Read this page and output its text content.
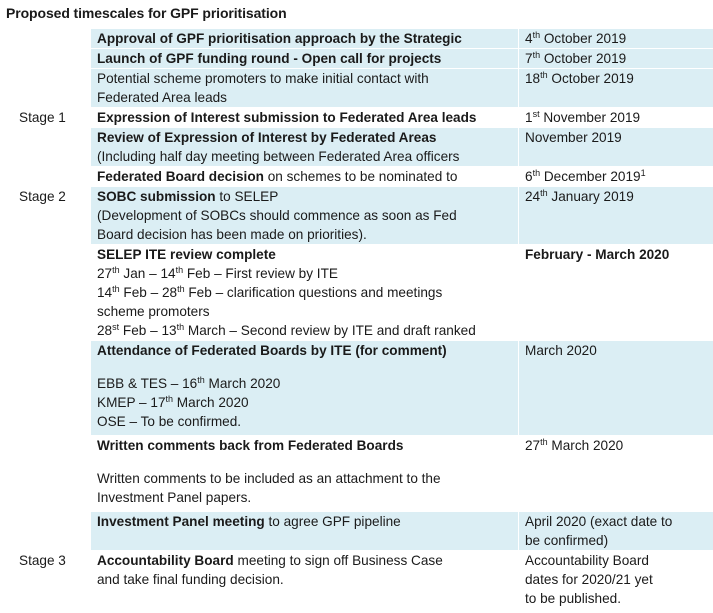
Proposed timescales for GPF prioritisation

	Approval of GPF prioritisation approach by the Strategic	4th October 2019

	Launch of GPF funding round - Open call for projects	7th October 2019

	Potential scheme promoters to make initial contact with
Federated Area leads	18th October 2019

Stage 1	Expression of Interest submission to Federated Area leads	1st November 2019

	Review of Expression of Interest by Federated Areas
(Including half day meeting between Federated Area officers	November 2019

	Federated Board decision on schemes to be nominated to	6th December 2019$^1$

Stage 2	SOBC submission to SELEP
(Development of SOBCs should commence as soon as Fed
Board decision has been made on priorities).	24th January 2019

	SELEP ITE review complete
27th Jan – 14th Feb – First review by ITE
14th Feb – 28th Feb – clarification questions and meetings
scheme promoters
28st Feb – 13th March – Second review by ITE and draft ranked	February - March 2020

	Attendance of Federated Boards by ITE (for comment)
EBB & TES – 16th March 2020
KMEP – 17th March 2020
OSE – To be confirmed.	March 2020

	Written comments back from Federated Boards
Written comments to be included as an attachment to the
Investment Panel papers.	27th March 2020

	Investment Panel meeting to agree GPF pipeline	April 2020 (exact date to
be confirmed)

Stage 3	Accountability Board meeting to sign off Business Case
and take final funding decision.	Accountability Board
dates for 2020/21 yet
to be published.
